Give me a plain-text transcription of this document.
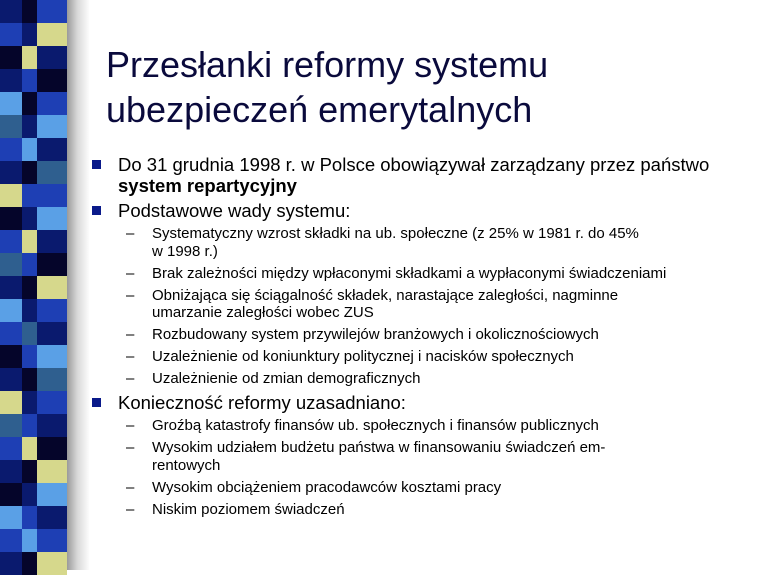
Przesłanki reformy systemu
ubezpieczeń emerytalnych
Do 31 grudnia 1998 r. w Polsce obowiązywał zarządzany przez państwo
system repartycyjny
Podstawowe wady systemu:
– Systematyczny wzrost składki na ub. społeczne (z 25% w 1981 r. do 45%
w 1998 r.)
– Brak zależności między wpłaconymi składkami a wypłaconymi świadczeniami
– Obniżająca się ściągalność składek, narastające zaległości, nagminne
umarzanie zaległości wobec ZUS
– Rozbudowany system przywilejów branżowych i okolicznościowych
– Uzależnienie od koniunktury politycznej i nacisków społecznych
– Uzależnienie od zmian demograficznych
Konieczność reformy uzasadniano:
– Groźbą katastrofy finansów ub. społecznych i finansów publicznych
– Wysokim udziałem budżetu państwa w finansowaniu świadczeń em-
rentowych
– Wysokim obciążeniem pracodawców kosztami pracy
– Niskim poziomem świadczeń
